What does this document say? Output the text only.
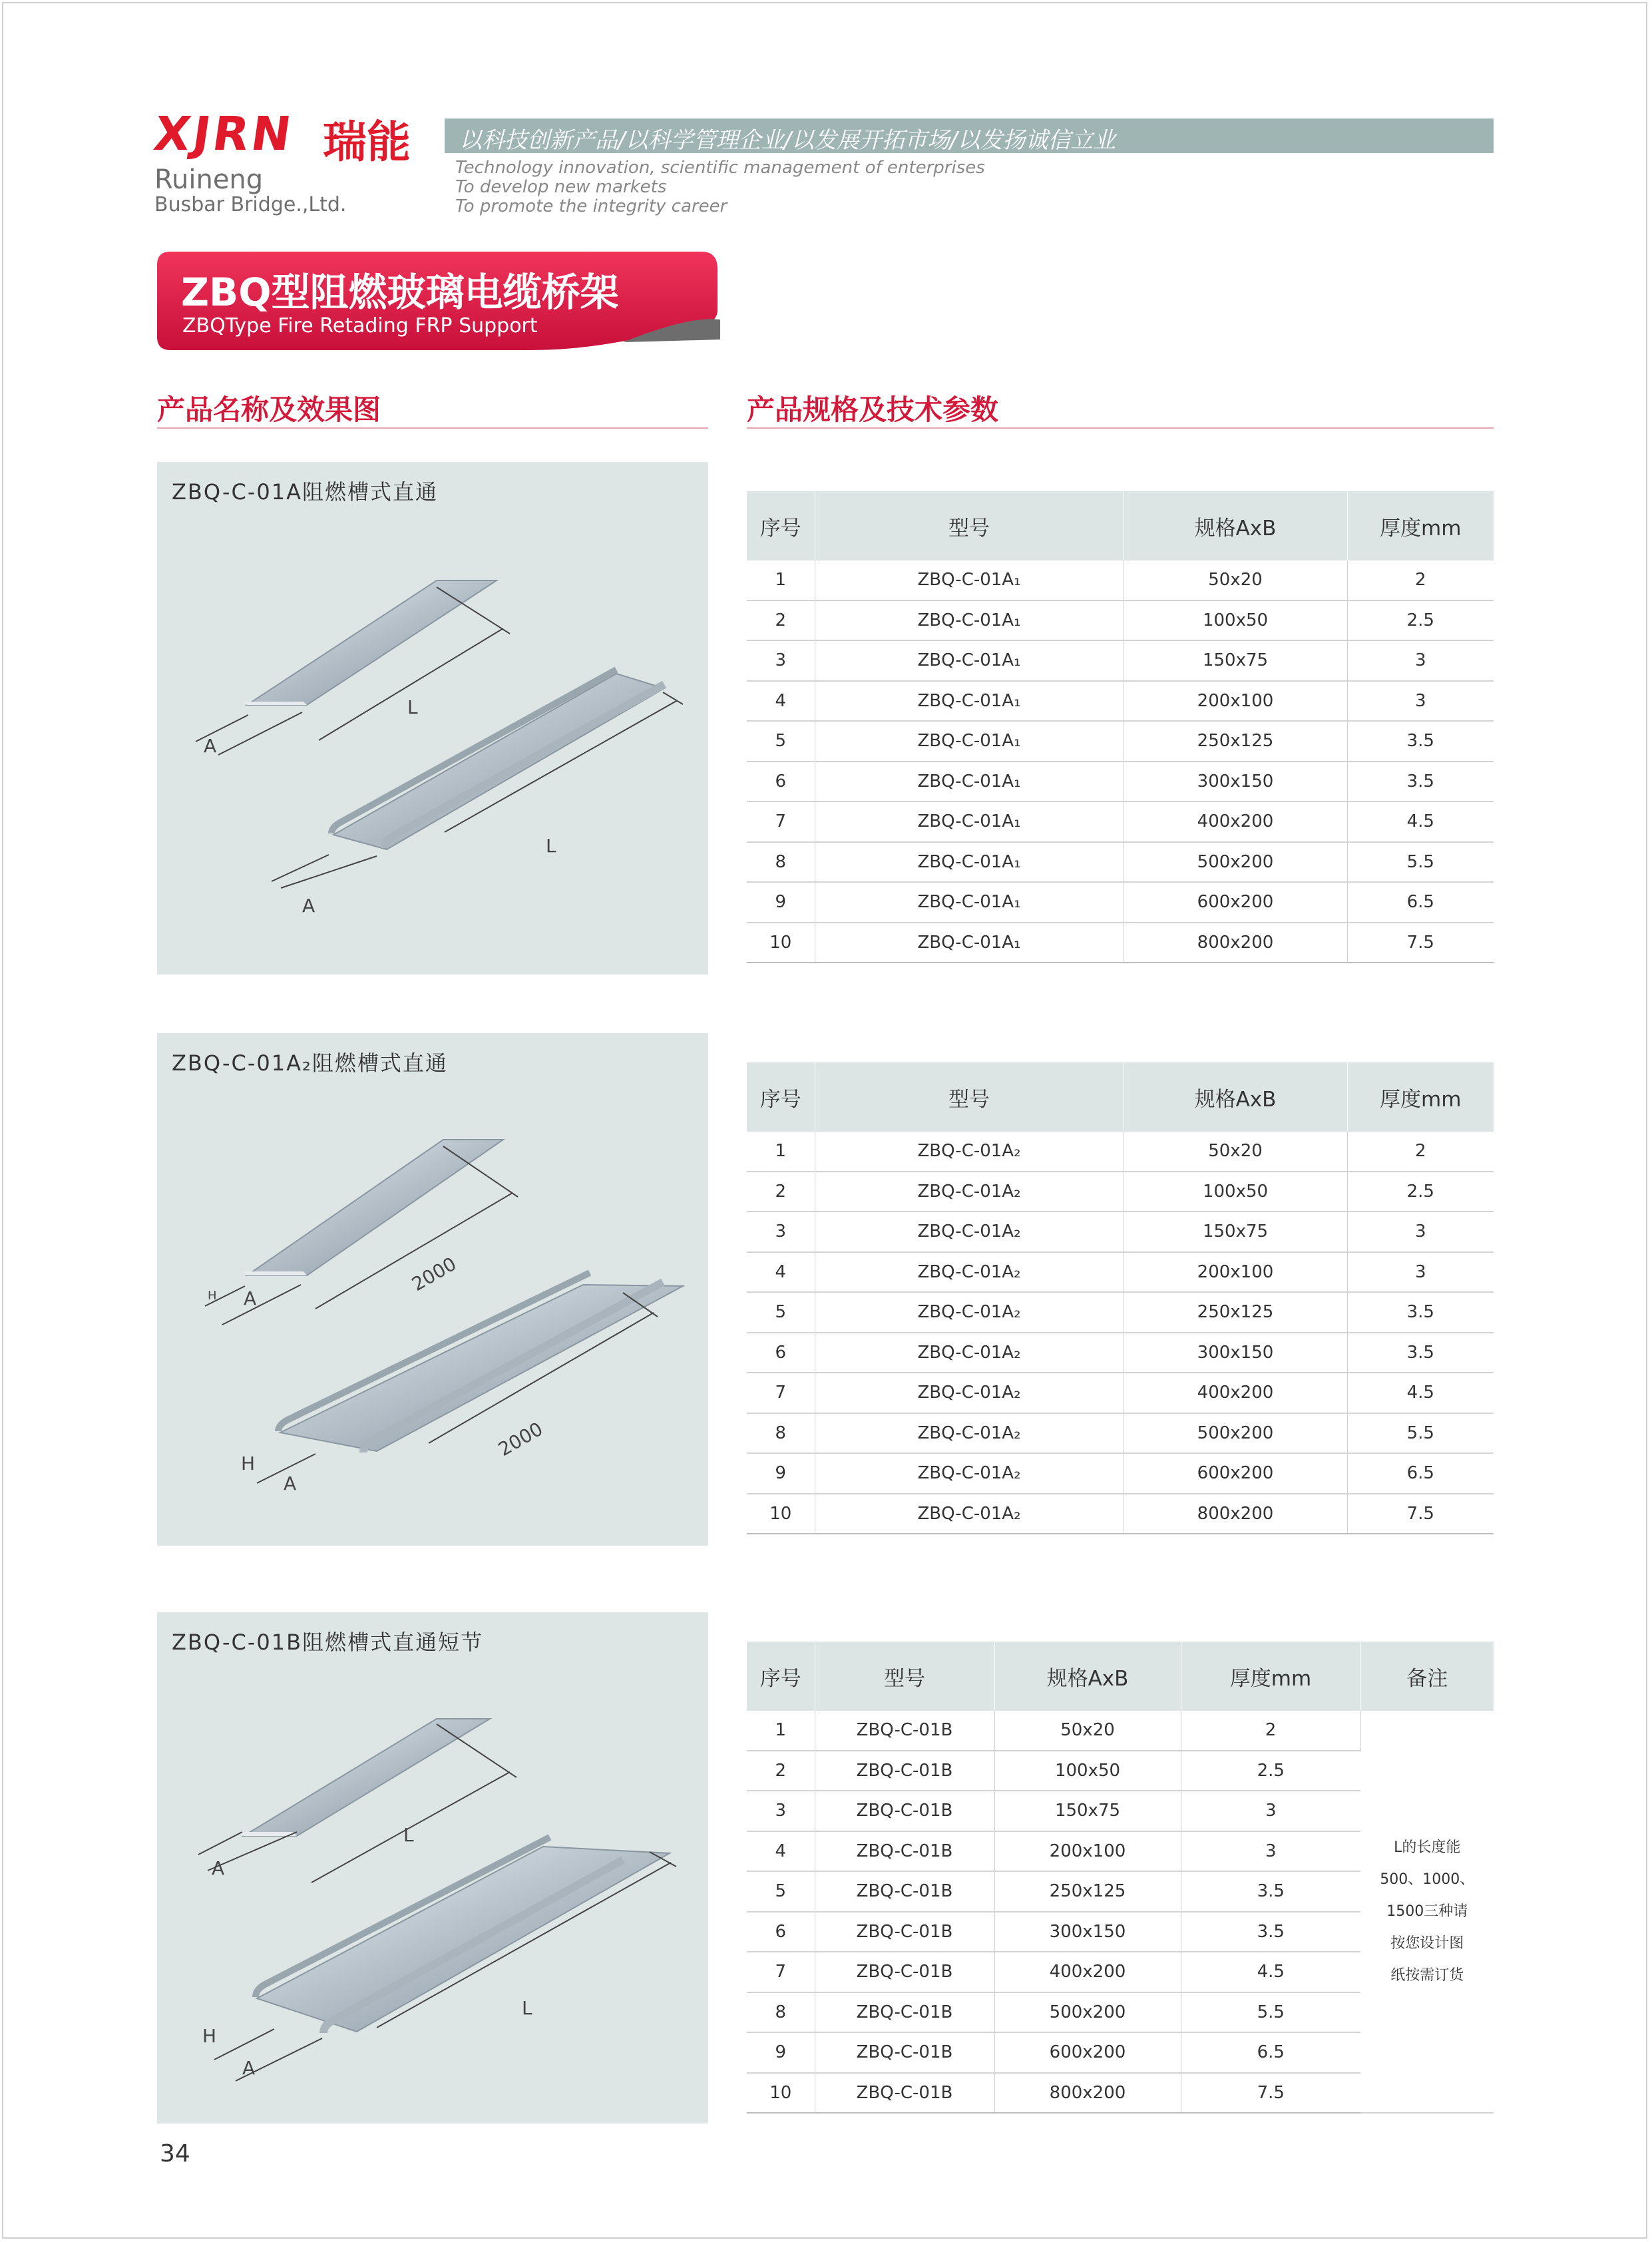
XJRN 瑞能
Ruineng
Busbar Bridge.,Ltd.
以科技创新产品/以科学管理企业/以发展开拓市场/以发扬诚信立业
Technology innovation, scientific management of enterprises
To develop new markets
To promote the integrity career
ZBQ型阻燃玻璃电缆桥架
ZBQType Fire Retading FRP Support
产品名称及效果图	产品规格及技术参数
ZBQ-C-01A阻燃槽式直通
L
A
L
A
序号	型号	规格AxB	厚度mm
1	ZBQ-C-01A₁	50x20	2
2	ZBQ-C-01A₁	100x50	2.5
3	ZBQ-C-01A₁	150x75	3
4	ZBQ-C-01A₁	200x100	3
5	ZBQ-C-01A₁	250x125	3.5
6	ZBQ-C-01A₁	300x150	3.5
7	ZBQ-C-01A₁	400x200	4.5
8	ZBQ-C-01A₁	500x200	5.5
9	ZBQ-C-01A₁	600x200	6.5
10	ZBQ-C-01A₁	800x200	7.5
ZBQ-C-01A₂阻燃槽式直通
2000
H A
2000
H
A
序号	型号	规格AxB	厚度mm
1	ZBQ-C-01A₂	50x20	2
2	ZBQ-C-01A₂	100x50	2.5
3	ZBQ-C-01A₂	150x75	3
4	ZBQ-C-01A₂	200x100	3
5	ZBQ-C-01A₂	250x125	3.5
6	ZBQ-C-01A₂	300x150	3.5
7	ZBQ-C-01A₂	400x200	4.5
8	ZBQ-C-01A₂	500x200	5.5
9	ZBQ-C-01A₂	600x200	6.5
10	ZBQ-C-01A₂	800x200	7.5
ZBQ-C-01B阻燃槽式直通短节
L
A
L
H
A
序号	型号	规格AxB	厚度mm	备注
1	ZBQ-C-01B	50x20	2	L的长度能
500、1000、
1500三种请
按您设计图
纸按需订货

2	ZBQ-C-01B	100x50	2.5	
3	ZBQ-C-01B	150x75	3	
4	ZBQ-C-01B	200x100	3	
5	ZBQ-C-01B	250x125	3.5	
6	ZBQ-C-01B	300x150	3.5	
7	ZBQ-C-01B	400x200	4.5	
8	ZBQ-C-01B	500x200	5.5	
9	ZBQ-C-01B	600x200	6.5	
10	ZBQ-C-01B	800x200	7.5	
34
